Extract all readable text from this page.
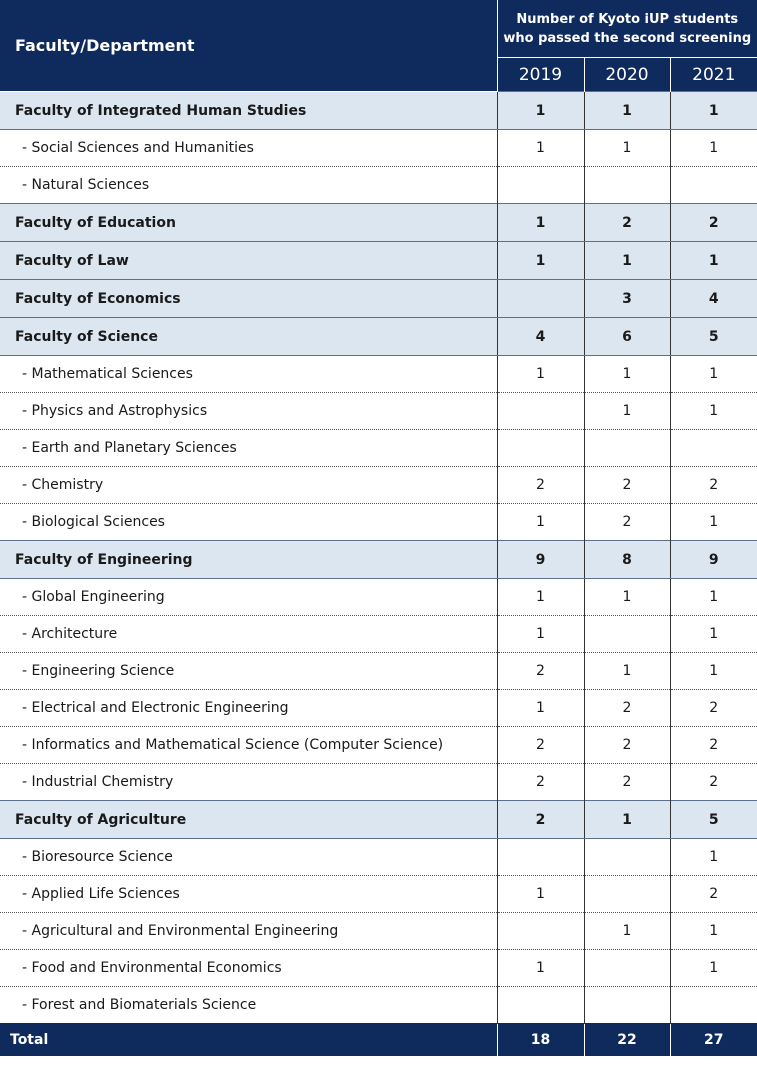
Faculty/Department	Number of Kyoto iUP students
who passed the second screening		

	2019	2020	2021
Faculty of Integrated Human Studies	1	1	1
- Social Sciences and Humanities	1	1	1
- Natural Sciences			
Faculty of Education	1	2	2
Faculty of Law	1	1	1
Faculty of Economics		3	4
Faculty of Science	4	6	5
- Mathematical Sciences	1	1	1
- Physics and Astrophysics		1	1
- Earth and Planetary Sciences			
- Chemistry	2	2	2
- Biological Sciences	1	2	1
Faculty of Engineering	9	8	9
- Global Engineering	1	1	1
- Architecture	1		1
- Engineering Science	2	1	1
- Electrical and Electronic Engineering	1	2	2
- Informatics and Mathematical Science (Computer Science)	2	2	2
- Industrial Chemistry	2	2	2
Faculty of Agriculture	2	1	5
- Bioresource Science			1
- Applied Life Sciences	1		2
- Agricultural and Environmental Engineering		1	1
- Food and Environmental Economics	1		1
- Forest and Biomaterials Science			
Total	18	22	27
